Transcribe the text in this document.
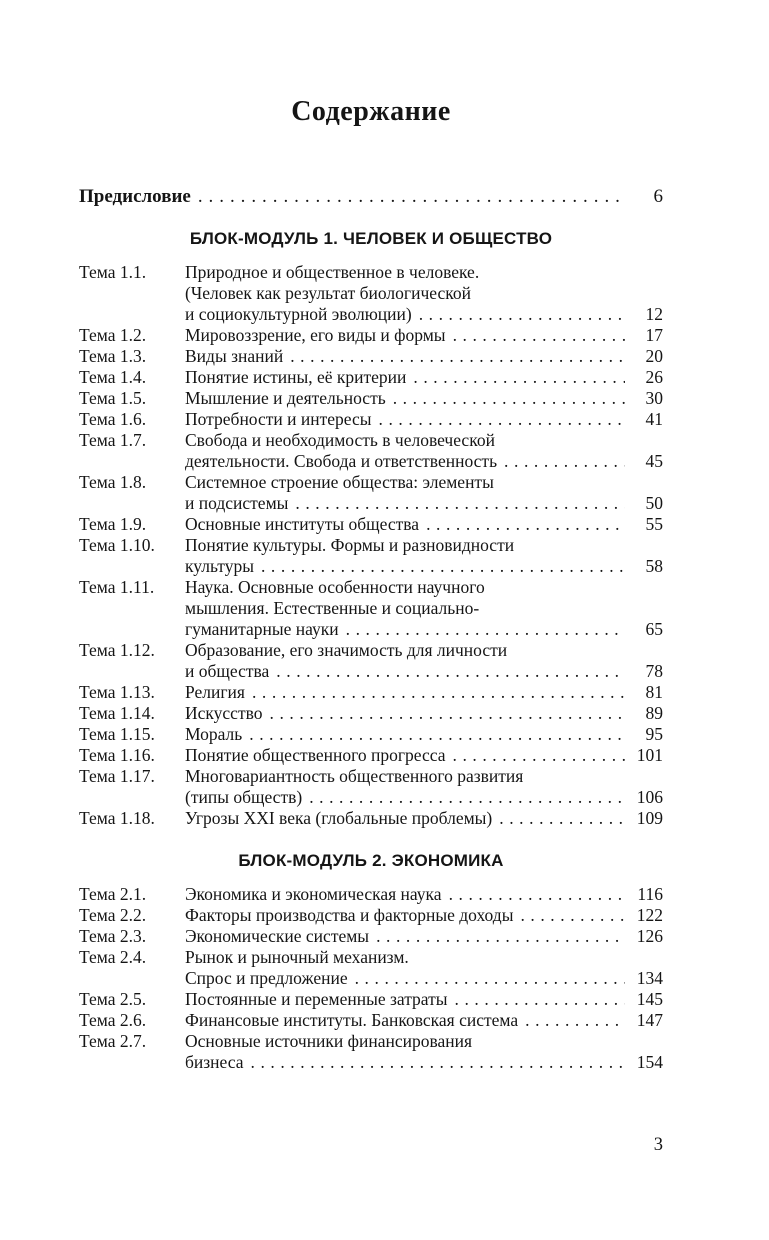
Содержание
Предисловие . . .	6
БЛОК-МОДУЛЬ 1. ЧЕЛОВЕК И ОБЩЕСТВО
Тема 1.1.	Природное и общественное в человеке.
(Человек как результат биологической
и социокультурной эволюции) . . .	12
Тема 1.2.	Мировоззрение, его виды и формы . . .	17
Тема 1.3.	Виды знаний . . .	20
Тема 1.4.	Понятие истины, её критерии . . .	26
Тема 1.5.	Мышление и деятельность . . .	30
Тема 1.6.	Потребности и интересы . . .	41
Тема 1.7.	Свобода и необходимость в человеческой
деятельности. Свобода и ответственность . . .	45
Тема 1.8.	Системное строение общества: элементы
и подсистемы . . .	50
Тема 1.9.	Основные институты общества . . .	55
Тема 1.10.	Понятие культуры. Формы и разновидности
культуры . . .	58
Тема 1.11.	Наука. Основные особенности научного
мышления. Естественные и социально-
гуманитарные науки . . .	65
Тема 1.12.	Образование, его значимость для личности
и общества . . .	78
Тема 1.13.	Религия . . .	81
Тема 1.14.	Искусство . . .	89
Тема 1.15.	Мораль . . .	95
Тема 1.16.	Понятие общественного прогресса . . .	101
Тема 1.17.	Многовариантность общественного развития
(типы обществ) . . .	106
Тема 1.18.	Угрозы XXI века (глобальные проблемы) . . .	109
БЛОК-МОДУЛЬ 2. ЭКОНОМИКА
Тема 2.1.	Экономика и экономическая наука . . .	116
Тема 2.2.	Факторы производства и факторные доходы . . .	122
Тема 2.3.	Экономические системы . . .	126
Тема 2.4.	Рынок и рыночный механизм.
Спрос и предложение . . .	134
Тема 2.5.	Постоянные и переменные затраты . . .	145
Тема 2.6.	Финансовые институты. Банковская система . . .	147
Тема 2.7.	Основные источники финансирования
бизнеса . . .	154
3
